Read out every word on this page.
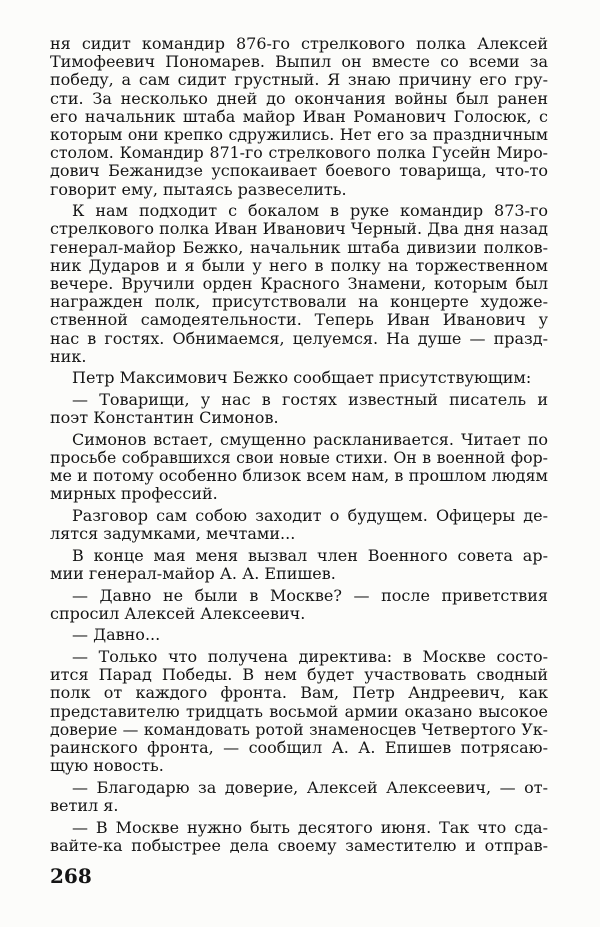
ня сидит командир 876-го стрелкового полка Алексей
Тимофеевич Пономарев. Выпил он вместе со всеми за
победу, а сам сидит грустный. Я знаю причину его гру-
сти. За несколько дней до окончания войны был ранен
его начальник штаба майор Иван Романович Голосюк, с
которым они крепко сдружились. Нет его за праздничным
столом. Командир 871-го стрелкового полка Гусейн Миро-
дович Бежанидзе успокаивает боевого товарища, что-то
говорит ему, пытаясь развеселить.
К нам подходит с бокалом в руке командир 873-го
стрелкового полка Иван Иванович Черный. Два дня назад
генерал-майор Бежко, начальник штаба дивизии полков-
ник Дударов и я были у него в полку на торжественном
вечере. Вручили орден Красного Знамени, которым был
награжден полк, присутствовали на концерте художе-
ственной самодеятельности. Теперь Иван Иванович у
нас в гостях. Обнимаемся, целуемся. На душе — празд-
ник.
Петр Максимович Бежко сообщает присутствующим:
— Товарищи, у нас в гостях известный писатель и
поэт Константин Симонов.
Симонов встает, смущенно раскланивается. Читает по
просьбе собравшихся свои новые стихи. Он в военной фор-
ме и потому особенно близок всем нам, в прошлом людям
мирных профессий.
Разговор сам собою заходит о будущем. Офицеры де-
лятся задумками, мечтами...
В конце мая меня вызвал член Военного совета ар-
мии генерал-майор А. А. Епишев.
— Давно не были в Москве? — после приветствия
спросил Алексей Алексеевич.
— Давно...
— Только что получена директива: в Москве состо-
ится Парад Победы. В нем будет участвовать сводный
полк от каждого фронта. Вам, Петр Андреевич, как
представителю тридцать восьмой армии оказано высокое
доверие — командовать ротой знаменосцев Четвертого Ук-
раинского фронта, — сообщил А. А. Епишев потрясаю-
щую новость.
— Благодарю за доверие, Алексей Алексеевич, — от-
ветил я.
— В Москве нужно быть десятого июня. Так что сда-
вайте-ка побыстрее дела своему заместителю и отправ-
268
